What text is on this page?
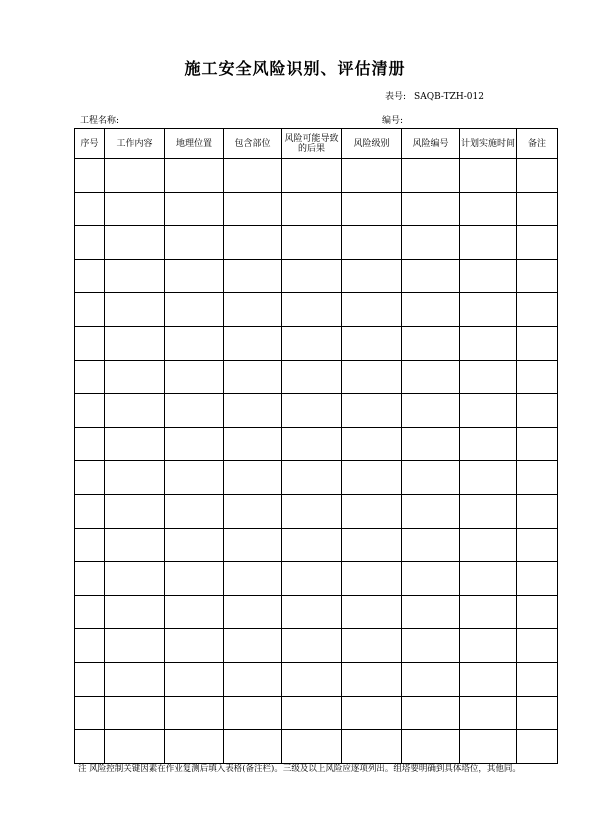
施工安全风险识别、评估清册
表号: SAQB-TZH-012
工程名称:	编号:
序号	工作内容	地理位置	包含部位	风险可能导致的后果	风险级别	风险编号	计划实施时间	备注

注 风险控制关键因素在作业复测后填入表格(备注栏)。三级及以上风险应逐项列出。组塔要明确到具体塔位，其他同。
